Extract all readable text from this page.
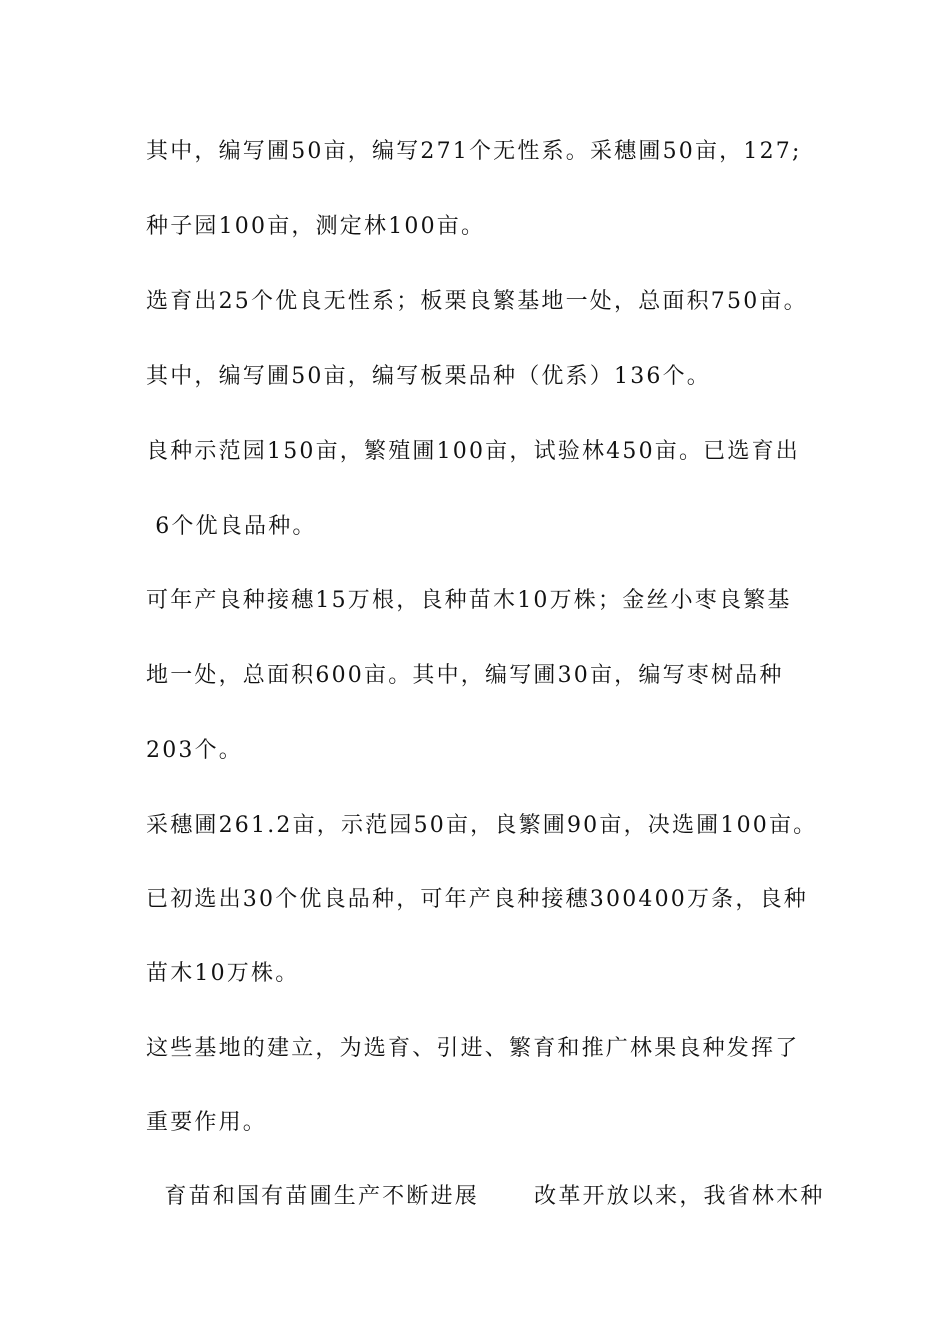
其中，编写圃50亩，编写271个无性系。采穗圃50亩，127;
种子园100亩，测定林100亩。
选育出25个优良无性系；板栗良繁基地一处，总面积750亩。
其中，编写圃50亩，编写板栗品种（优系）136个。
良种示范园150亩，繁殖圃100亩，试验林450亩。已选育出
6个优良品种。
可年产良种接穗15万根，良种苗木10万株；金丝小枣良繁基
地一处，总面积600亩。其中，编写圃30亩，编写枣树品种
203个。
采穗圃261.2亩，示范园50亩，良繁圃90亩，决选圃100亩。
已初选出30个优良品种，可年产良种接穗300400万条，良种
苗木10万株。
这些基地的建立，为选育、引进、繁育和推广林果良种发挥了
重要作用。
育苗和国有苗圃生产不断进展      改革开放以来，我省林木种
